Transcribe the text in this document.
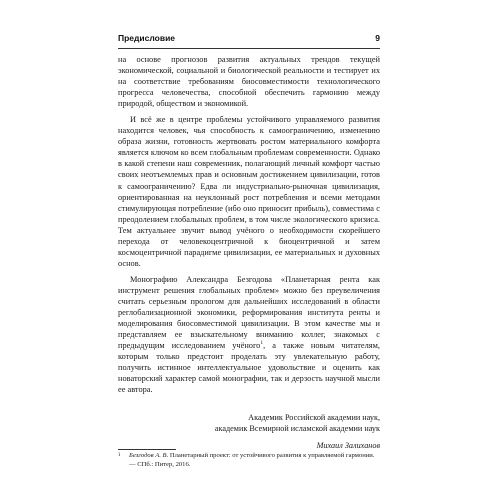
Предисловие	9

на основе прогнозов развития актуальных трендов текущей экономической, социальной и биологической реальности и тестирует их на соответствие требованиям биосовместимости технологического прогресса человечества, способной обеспечить гармонию между природой, обществом и экономикой.

И всё же в центре проблемы устойчивого управляемого развития находится человек, чья способность к самоограничению, изменению образа жизни, готовность жертвовать ростом материального комфорта является ключом ко всем глобальным проблемам современности. Однако в какой степени наш современник, полагающий личный комфорт частью своих неотъемлемых прав и основным достижением цивилизации, готов к самоограничению? Едва ли индустриально-рыночная цивилизация, ориентированная на неуклонный рост потребления и всеми методами стимулирующая потребление (ибо оно приносит прибыль), совместима с преодолением глобальных проблем, в том числе экологического кризиса. Тем актуальнее звучит вывод учёного о необходимости скорейшего перехода от человекоцентричной к биоцентричной и затем космоцентричной парадигме цивилизации, ее материальных и духовных основ.

Монографию Александра Безгодова «Планетарная рента как инструмент решения глобальных проблем» можно без преувеличения считать серьезным прологом для дальнейших исследований в области реглобализационной экономики, реформирования института ренты и моделирования биосовместимой цивилизации. В этом качестве мы и представляем ее взыскательному вниманию коллег, знакомых с предыдущим исследованием учёного$^1$, а также новым читателям, которым только предстоит проделать эту увлекательную работу, получить истинное интеллектуальное удовольствие и оценить как новаторский характер самой монографии, так и дерзость научной мысли ее автора.

Академик Российской академии наук,
академик Всемирной исламской академии наук
Михаил Залиханов
1	Безгодов А. В. Планетарный проект: от устойчивого развития к управляемой гармонии. — СПб.: Питер, 2016.
